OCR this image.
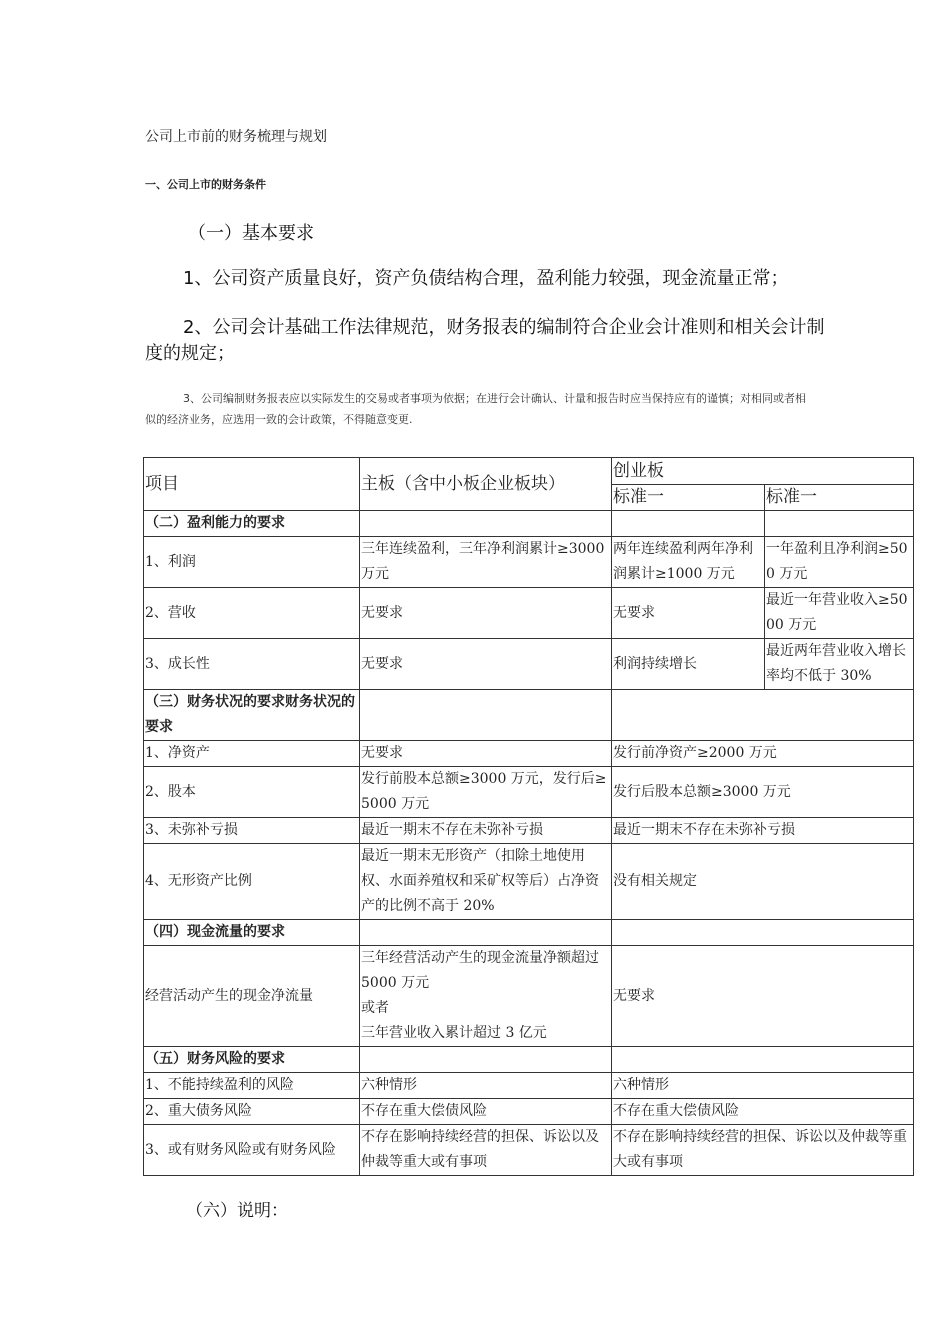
公司上市前的财务梳理与规划
一、公司上市的财务条件
（一）基本要求
1、公司资产质量良好，资产负债结构合理，盈利能力较强，现金流量正常；
2、公司会计基础工作法律规范，财务报表的编制符合企业会计准则和相关会计制度的规定；
3、公司编制财务报表应以实际发生的交易或者事项为依据；在进行会计确认、计量和报告时应当保持应有的谨慎；对相同或者相似的经济业务，应选用一致的会计政策，不得随意变更.
项目	主板（含中小板企业板块）	创业板	
		标准一	标准一
（二）盈利能力的要求			
1、利润	三年连续盈利，三年净利润累计≥3000 万元	两年连续盈利两年净利润累计≥1000 万元	一年盈利且净利润≥500 万元
2、营收	无要求	无要求	最近一年营业收入≥5000 万元
3、成长性	无要求	利润持续增长	最近两年营业收入增长率均不低于 30%
（三）财务状况的要求财务状况的要求			
1、净资产	无要求	发行前净资产≥2000 万元	
2、股本	发行前股本总额≥3000 万元，发行后≥5000 万元	发行后股本总额≥3000 万元	
3、未弥补亏损	最近一期末不存在未弥补亏损	最近一期末不存在未弥补亏损	
4、无形资产比例	最近一期末无形资产（扣除土地使用权、水面养殖权和采矿权等后）占净资产的比例不高于 20%	没有相关规定	
（四）现金流量的要求			
经营活动产生的现金净流量	三年经营活动产生的现金流量净额超过 5000 万元
或者
三年营业收入累计超过 3 亿元	无要求	
（五）财务风险的要求			
1、不能持续盈利的风险	六种情形	六种情形	
2、重大债务风险	不存在重大偿债风险	不存在重大偿债风险	
3、或有财务风险或有财务风险	不存在影响持续经营的担保、诉讼以及仲裁等重大或有事项	不存在影响持续经营的担保、诉讼以及仲裁等重大或有事项	
（六）说明：
